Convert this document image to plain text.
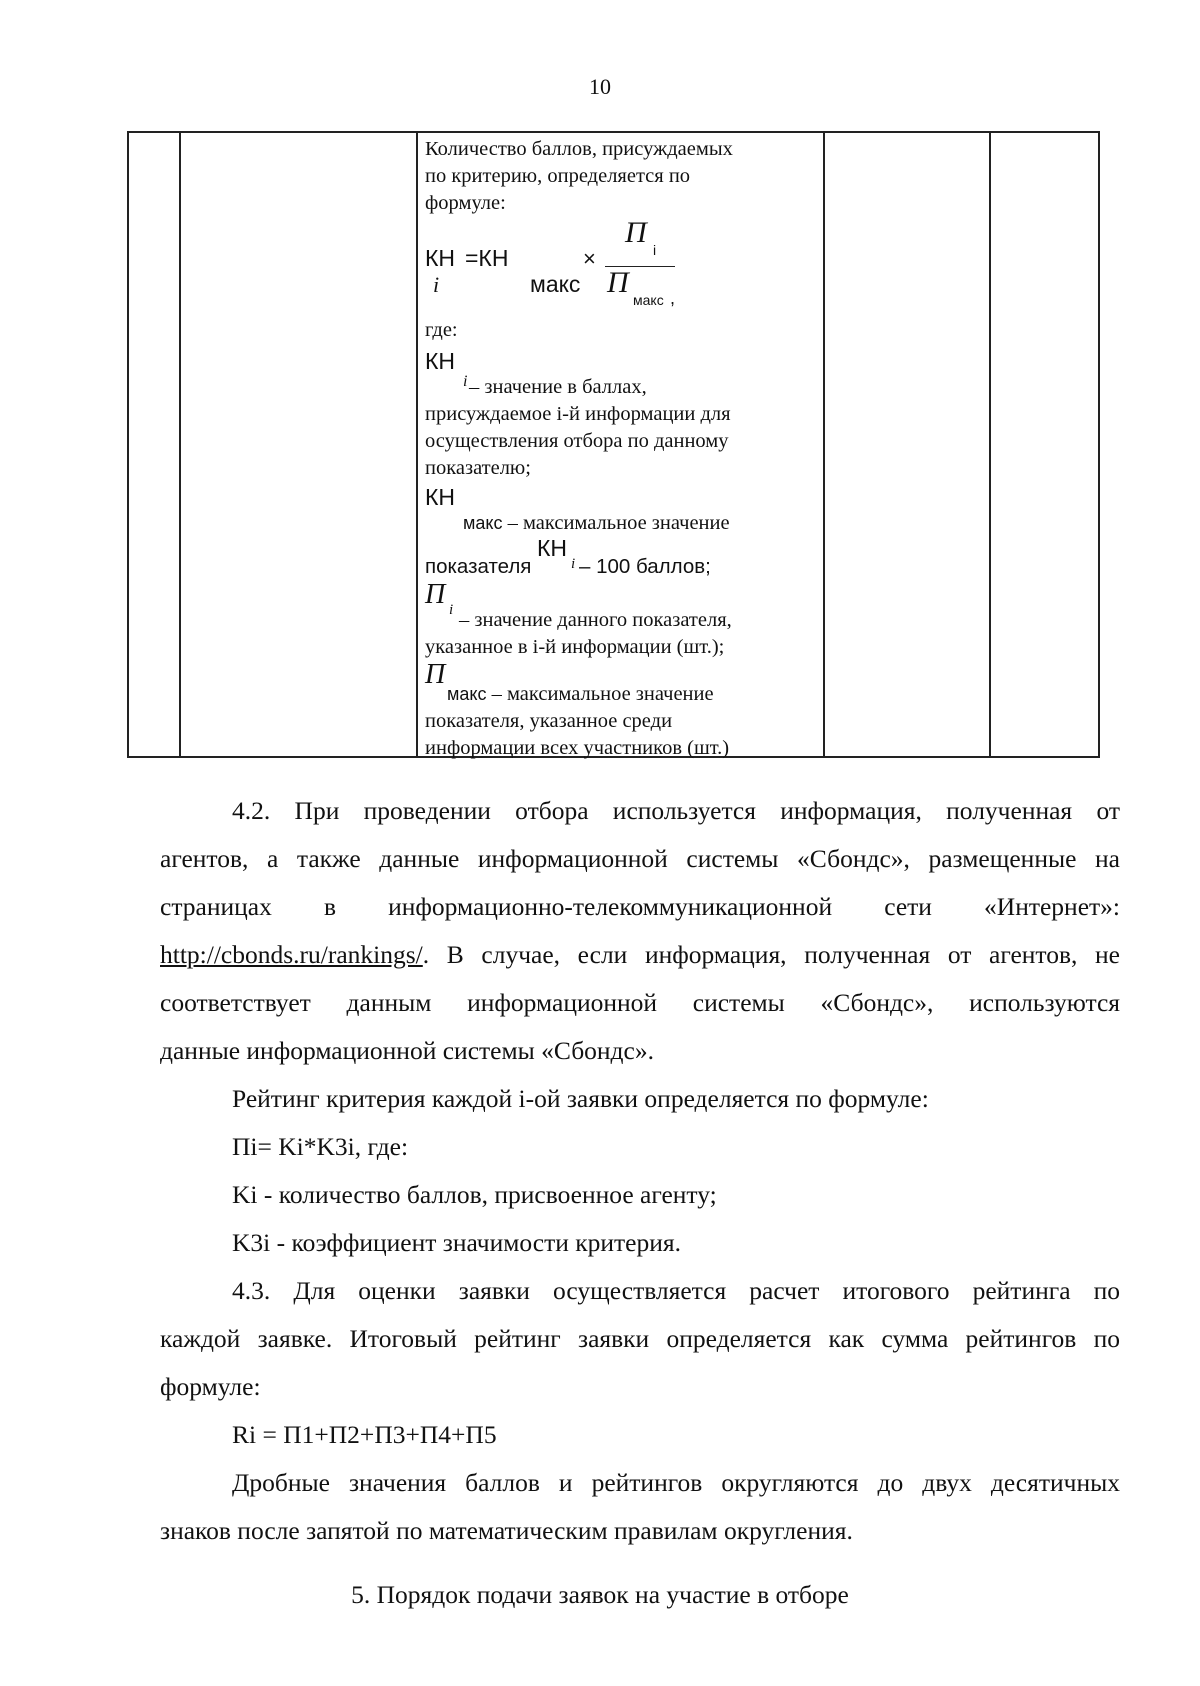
10

Количество баллов, присуждаемых

по критерию, определяется по

формуле:

КН
i
=КН
макс
×
П
i
П
макс ,

где:

КН
i – значение в баллах,

присуждаемое i-й информации для

осуществления отбора по данному

показателю;

КН

макс – максимальное значение

показателя
КН
i – 100 баллов;
П i – значение данного показателя,

указанное в i-й информации (шт.);

П

макс – максимальное значение

показателя, указанное среди

информации всех участников (шт.)

4.2. При проведении отбора используется информация, полученная от
агентов, а также данные информационной системы «Сбондс», размещенные на
страницах в информационно-телекоммуникационной сети «Интернет»:
http://cbonds.ru/rankings/. В случае, если информация, полученная от агентов, не
соответствует данным информационной системы «Сбондс», используются
данные информационной системы «Сбондс».
Рейтинг критерия каждой i-ой заявки определяется по формуле:
Пi= Ki*K3i, где:
Ki - количество баллов, присвоенное агенту;
K3i - коэффициент значимости критерия.
4.3. Для оценки заявки осуществляется расчет итогового рейтинга по
каждой заявке. Итоговый рейтинг заявки определяется как сумма рейтингов по
формуле:
Ri = П1+П2+П3+П4+П5
Дробные значения баллов и рейтингов округляются до двух десятичных
знаков после запятой по математическим правилам округления.
5. Порядок подачи заявок на участие в отборе
